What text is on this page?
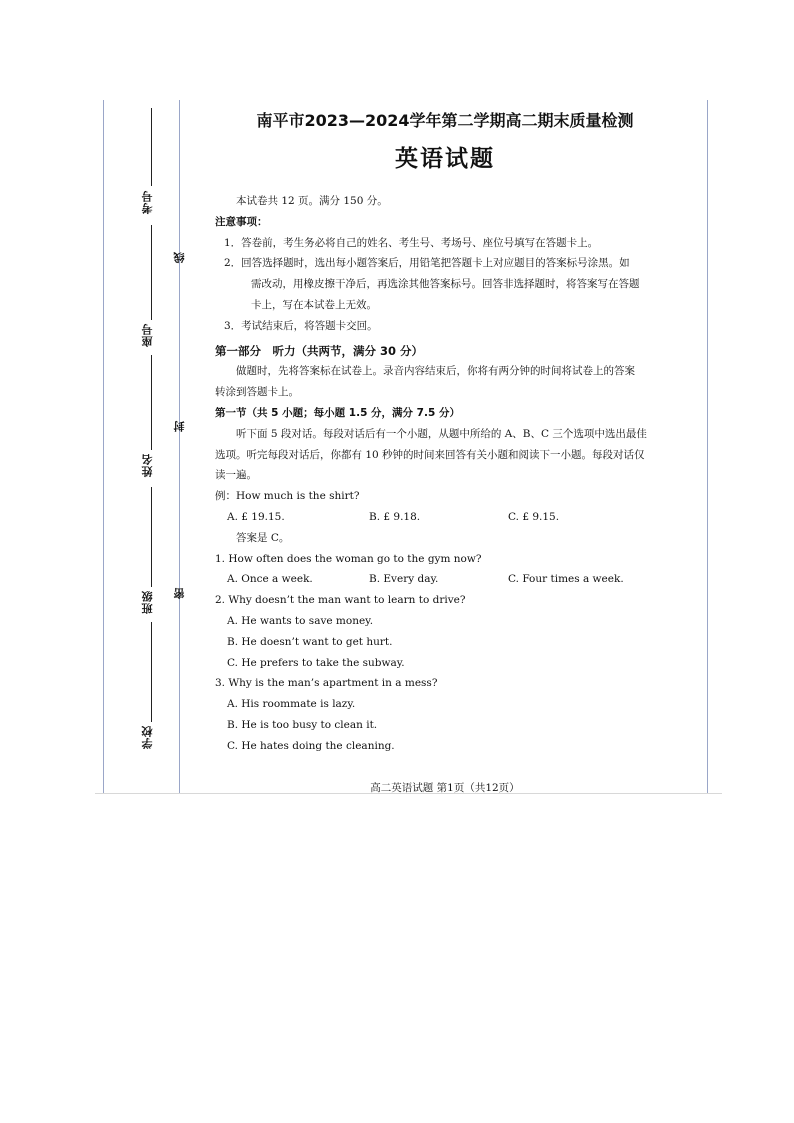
考号
座号
姓名
班级
学校
线
封
密
南平市2023—2024学年第二学期高二期末质量检测
英语试题

本试卷共 12 页。满分 150 分。

注意事项：

1．答卷前，考生务必将自己的姓名、考生号、考场号、座位号填写在答题卡上。

2．回答选择题时，选出每小题答案后，用铅笔把答题卡上对应题目的答案标号涂黑。如

需改动，用橡皮擦干净后，再选涂其他答案标号。回答非选择题时，将答案写在答题

卡上，写在本试卷上无效。

3．考试结束后，将答题卡交回。

第一部分　听力（共两节，满分 30 分）

做题时，先将答案标在试卷上。录音内容结束后，你将有两分钟的时间将试卷上的答案

转涂到答题卡上。

第一节（共 5 小题；每小题 1.5 分，满分 7.5 分）

听下面 5 段对话。每段对话后有一个小题，从题中所给的 A、B、C 三个选项中选出最佳

选项。听完每段对话后，你都有 10 秒钟的时间来回答有关小题和阅读下一小题。每段对话仅

读一遍。

例：How much is the shirt?

A. £ 19.15.	B. £ 9.18.	C. £ 9.15.

答案是 C。

1. How often does the woman go to the gym now?

A. Once a week.	B. Every day.	C. Four times a week.

2. Why doesn’t the man want to learn to drive?

A. He wants to save money.

B. He doesn’t want to get hurt.

C. He prefers to take the subway.

3. Why is the man’s apartment in a mess?

A. His roommate is lazy.

B. He is too busy to clean it.

C. He hates doing the cleaning.

高二英语试题 第1页（共12页）
